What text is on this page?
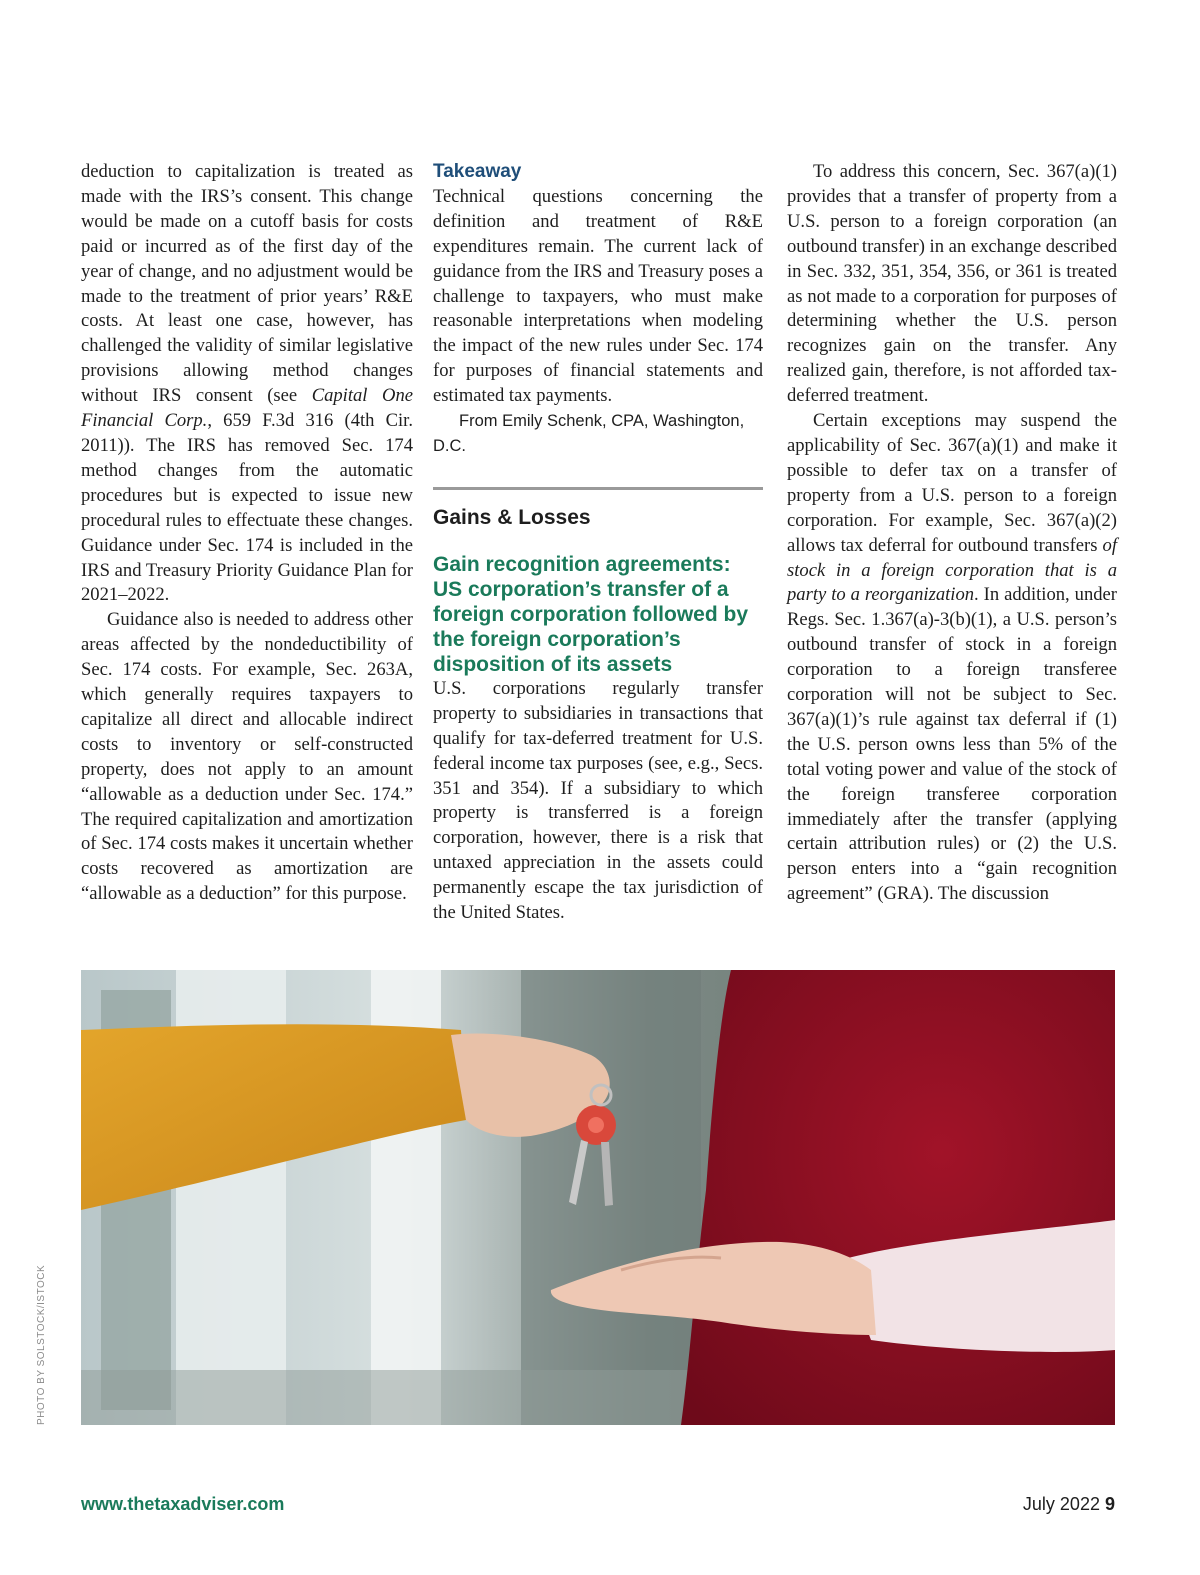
deduction to capitalization is treated as made with the IRS’s consent. This change would be made on a cutoff basis for costs paid or incurred as of the first day of the year of change, and no adjustment would be made to the treatment of prior years’ R&E costs. At least one case, however, has challenged the validity of similar legislative provisions allowing method changes without IRS consent (see Capital One Financial Corp., 659 F.3d 316 (4th Cir. 2011)). The IRS has removed Sec. 174 method changes from the automatic procedures but is expected to issue new procedural rules to effectuate these changes. Guidance under Sec. 174 is included in the IRS and Treasury Priority Guidance Plan for 2021–2022.

Guidance also is needed to address other areas affected by the nondeductibility of Sec. 174 costs. For example, Sec. 263A, which generally requires taxpayers to capitalize all direct and allocable indirect costs to inventory or self-constructed property, does not apply to an amount “allowable as a deduction under Sec. 174.” The required capitalization and amortization of Sec. 174 costs makes it uncertain whether costs recovered as amortization are “allowable as a deduction” for this purpose.

Takeaway

Technical questions concerning the definition and treatment of R&E expenditures remain. The current lack of guidance from the IRS and Treasury poses a challenge to taxpayers, who must make reasonable interpretations when modeling the impact of the new rules under Sec. 174 for purposes of financial statements and estimated tax payments.

From Emily Schenk, CPA, Washington, D.C.

Gains & Losses
Gain recognition agreements: US corporation’s transfer of a foreign corporation followed by the foreign corporation’s disposition of its assets

U.S. corporations regularly transfer property to subsidiaries in transactions that qualify for tax-deferred treatment for U.S. federal income tax purposes (see, e.g., Secs. 351 and 354). If a subsidiary to which property is transferred is a foreign corporation, however, there is a risk that untaxed appreciation in the assets could permanently escape the tax jurisdiction of the United States.

To address this concern, Sec. 367(a)(1) provides that a transfer of property from a U.S. person to a foreign corporation (an outbound transfer) in an exchange described in Sec. 332, 351, 354, 356, or 361 is treated as not made to a corporation for purposes of determining whether the U.S. person recognizes gain on the transfer. Any realized gain, therefore, is not afforded tax-deferred treatment.

Certain exceptions may suspend the applicability of Sec. 367(a)(1) and make it possible to defer tax on a transfer of property from a U.S. person to a foreign corporation. For example, Sec. 367(a)(2) allows tax deferral for outbound transfers of stock in a foreign corporation that is a party to a reorganization. In addition, under Regs. Sec. 1.367(a)-3(b)(1), a U.S. person’s outbound transfer of stock in a foreign corporation to a foreign transferee corporation will not be subject to Sec. 367(a)(1)’s rule against tax deferral if (1) the U.S. person owns less than 5% of the total voting power and value of the stock of the foreign transferee corporation immediately after the transfer (applying certain attribution rules) or (2) the U.S. person enters into a “gain recognition agreement” (GRA). The discussion

PHOTO BY SOLSTOCK/ISTOCK
www.thetaxadviser.com	July 2022 9
